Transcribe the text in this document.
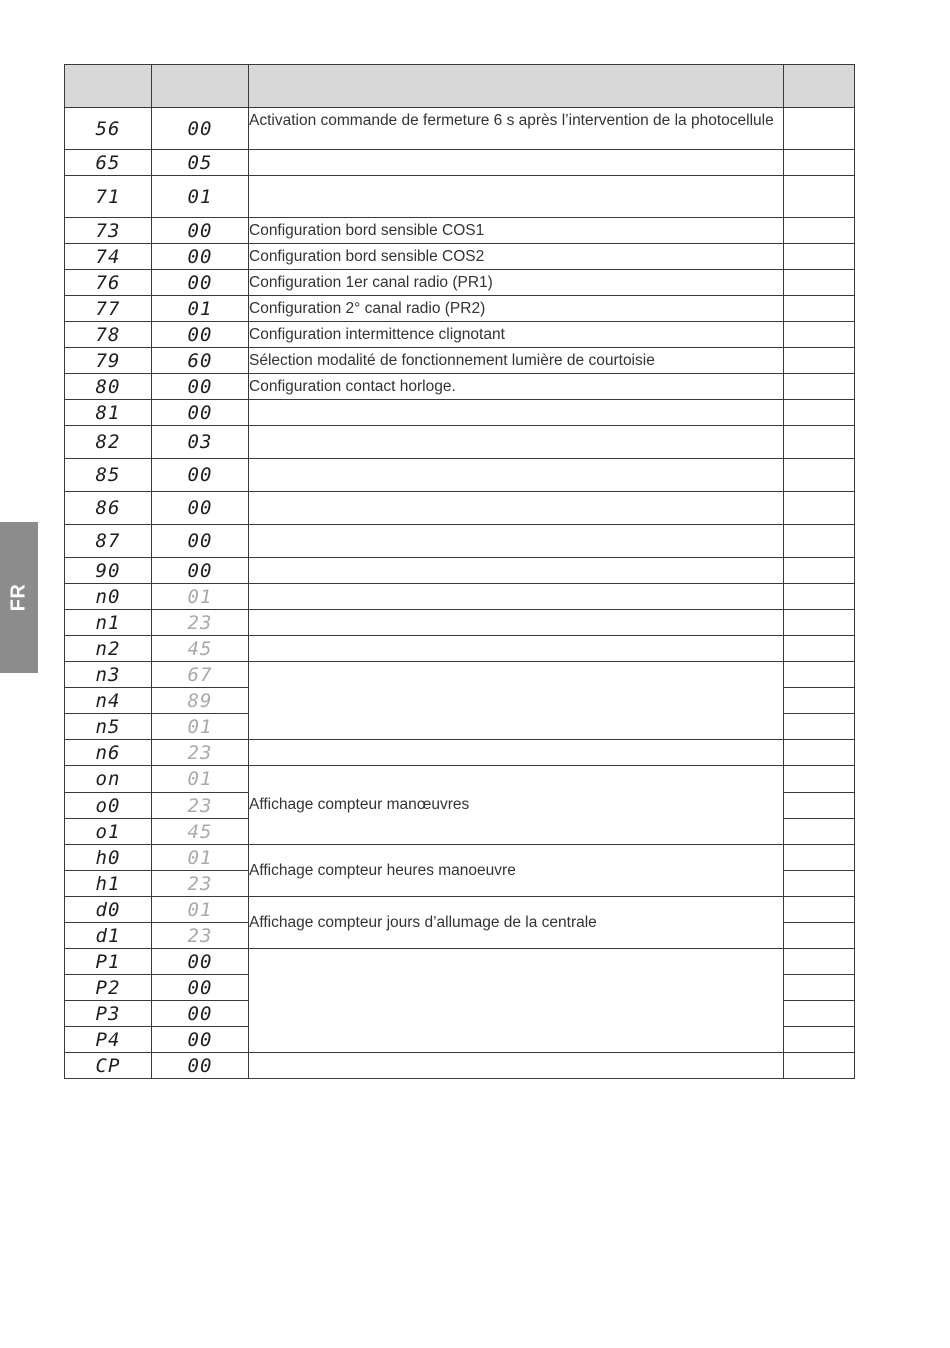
FR

56	00	Activation commande de fermeture 6 s après l’intervention de la photocellule	
65	05		
71	01		
73	00	Configuration bord sensible COS1	
74	00	Configuration bord sensible COS2	
76	00	Configuration 1er canal radio (PR1)	
77	01	Configuration 2° canal radio (PR2)	
78	00	Configuration intermittence clignotant	
79	60	Sélection modalité de fonctionnement lumière de courtoisie	
80	00	Configuration contact horloge.	
81	00		
82	03		
85	00		
86	00		
87	00		
90	00		
n0	01		
n1	23		
n2	45		
n3	67		
n4	89		
n5	01		
n6	23		
on	01	Affichage compteur manœuvres	
o0	23		
o1	45		
h0	01	Affichage compteur heures manoeuvre	
h1	23		
d0	01	Affichage compteur jours d’allumage de la centrale	
d1	23		
P1	00		
P2	00		
P3	00		
P4	00		
CP	00		
